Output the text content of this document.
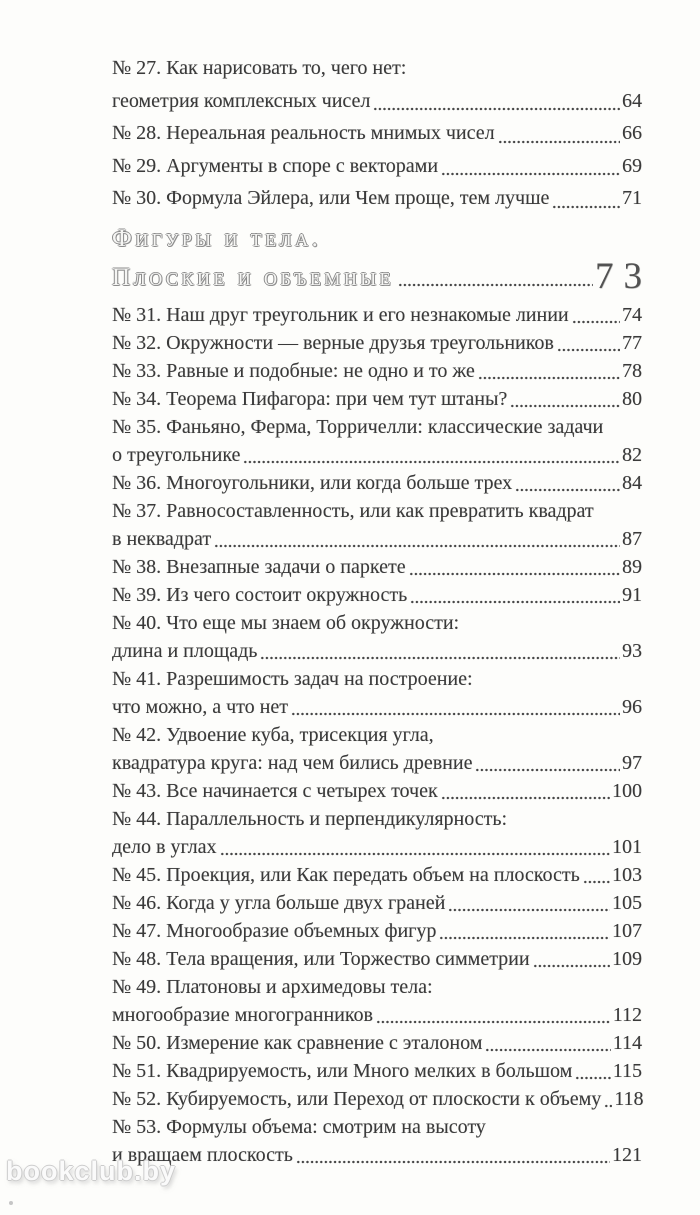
№ 27. Как нарисовать то, чего нет:
геометрия комплексных чисел	64
№ 28. Нереальная реальность мнимых чисел	66
№ 29. Аргументы в споре с векторами	69
№ 30. Формула Эйлера, или Чем проще, тем лучше	71
Фигуры и тела.
Плоские и объемные	73
№ 31. Наш друг треугольник и его незнакомые линии	74
№ 32. Окружности — верные друзья треугольников	77
№ 33. Равные и подобные: не одно и то же	78
№ 34. Теорема Пифагора: при чем тут штаны?	80
№ 35. Фаньяно, Ферма, Торричелли: классические задачи
о треугольнике	82
№ 36. Многоугольники, или когда больше трех	84
№ 37. Равносоставленность, или как превратить квадрат
в неквадрат	87
№ 38. Внезапные задачи о паркете	89
№ 39. Из чего состоит окружность	91
№ 40. Что еще мы знаем об окружности:
длина и площадь	93
№ 41. Разрешимость задач на построение:
что можно, а что нет	96
№ 42. Удвоение куба, трисекция угла,
квадратура круга: над чем бились древние	97
№ 43. Все начинается с четырех точек	100
№ 44. Параллельность и перпендикулярность:
дело в углах	101
№ 45. Проекция, или Как передать объем на плоскость 103
№ 46. Когда у угла больше двух граней	105
№ 47. Многообразие объемных фигур	107
№ 48. Тела вращения, или Торжество симметрии	109
№ 49. Платоновы и архимедовы тела:
многообразие многогранников	112
№ 50. Измерение как сравнение с эталоном	114
№ 51. Квадрируемость, или Много мелких в большом 115
№ 52. Кубируемость, или Переход от плоскости к объему 118
№ 53. Формулы объема: смотрим на высоту
и вращаем плоскость	121
bookclub.by
